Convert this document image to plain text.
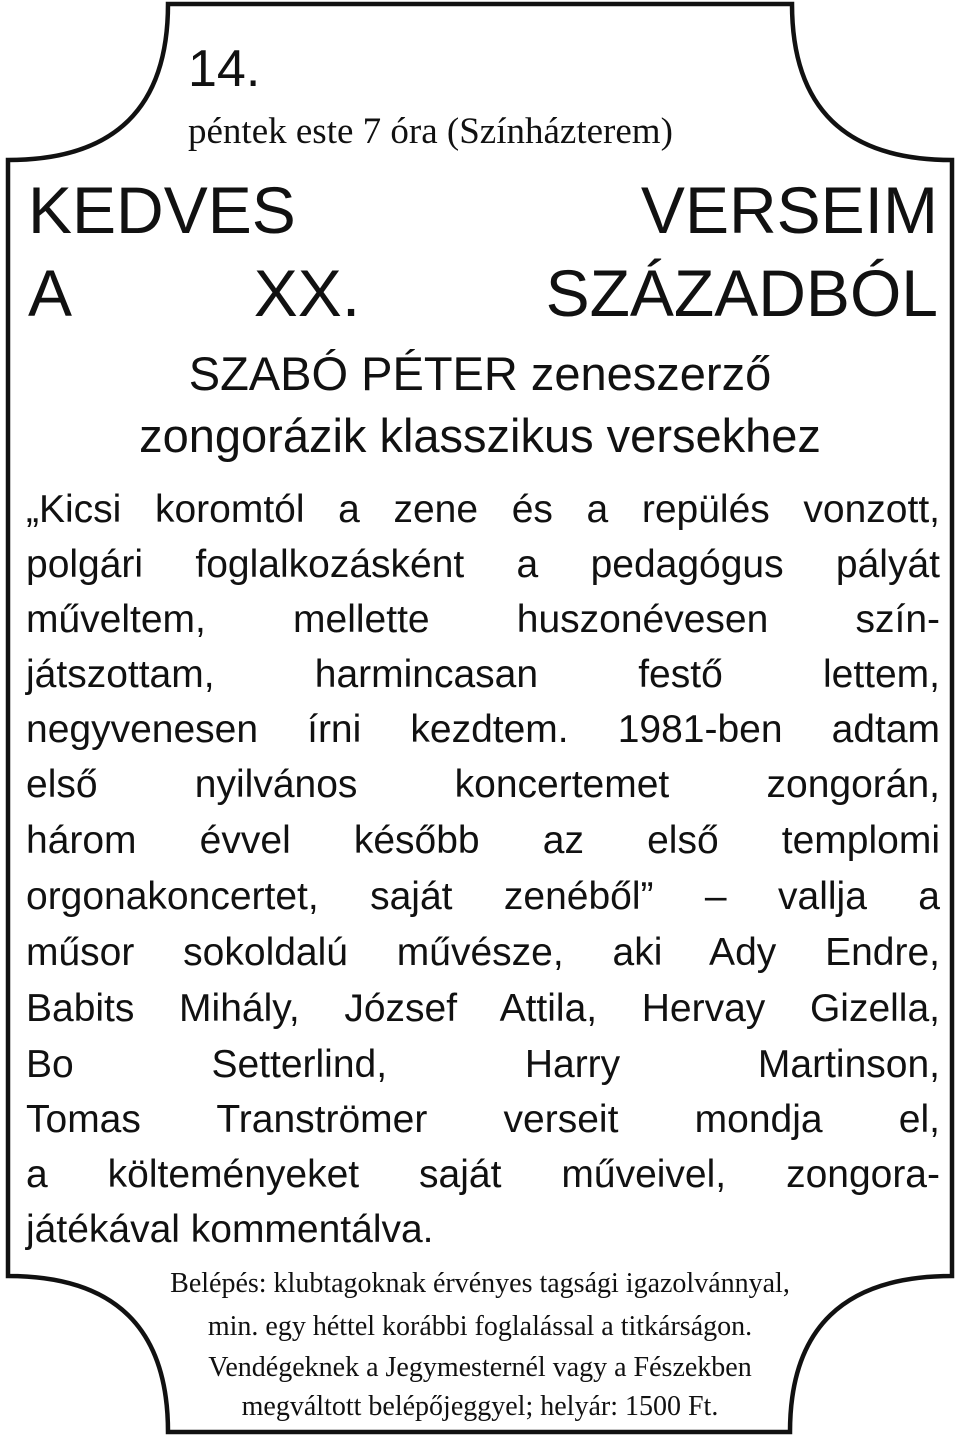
14.

péntek este 7 óra (Színházterem)

KEDVES VERSEIM

A XX. SZÁZADBÓL

SZABÓ PÉTER zeneszerző

zongorázik klasszikus versekhez

„Kicsi koromtól a zene és a repülés vonzott,

polgári foglalkozásként a pedagógus pályát

műveltem, mellette huszonévesen szín-

játszottam, harmincasan festő lettem,

negyvenesen írni kezdtem. 1981-ben adtam

első nyilvános koncertemet zongorán,

három évvel később az első templomi

orgonakoncertet, saját zenéből” – vallja a

műsor sokoldalú művésze, aki Ady Endre,

Babits Mihály, József Attila, Hervay Gizella,

Bo Setterlind, Harry Martinson,

Tomas Tranströmer verseit mondja el,

a költeményeket saját műveivel, zongora-

játékával kommentálva.

Belépés: klubtagoknak érvényes tagsági igazolvánnyal,

min. egy héttel korábbi foglalással a titkárságon.

Vendégeknek a Jegymesternél vagy a Fészekben

megváltott belépőjeggyel; helyár: 1500 Ft.
